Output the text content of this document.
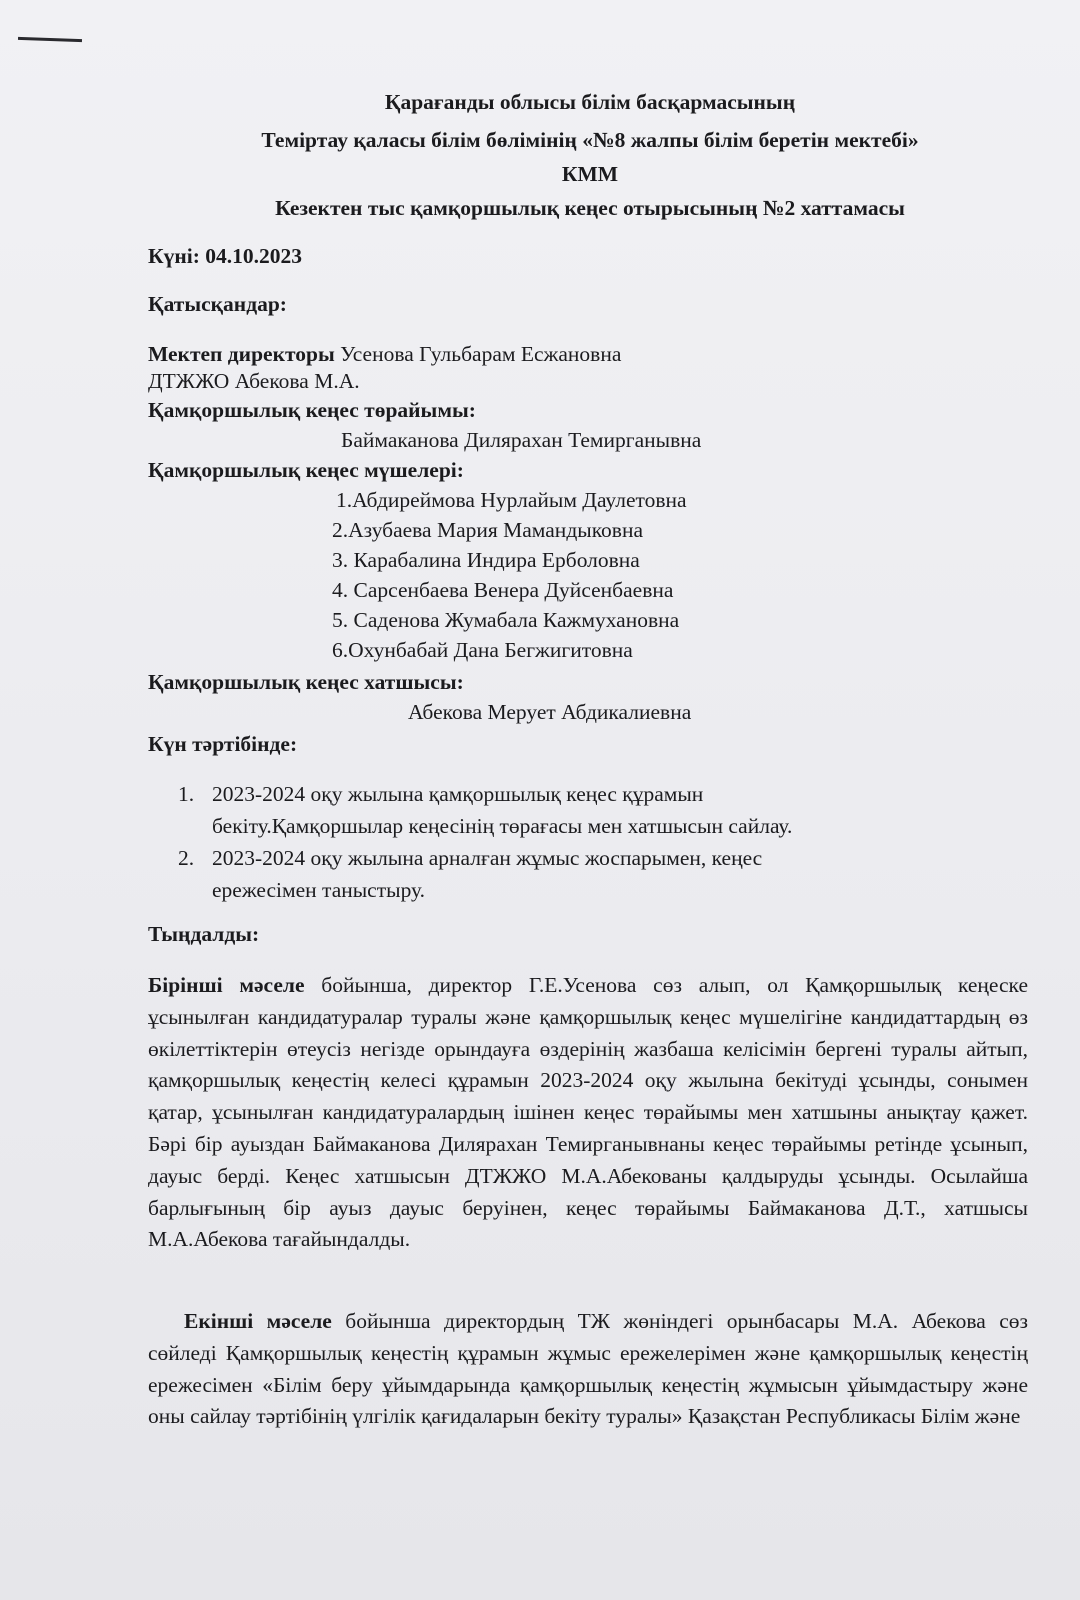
Қарағанды облысы білім басқармасының
Теміртау қаласы білім бөлімінің «№8 жалпы білім беретін мектебі»
КММ
Кезектен тыс қамқоршылық кеңес отырысының №2 хаттамасы
Күні: 04.10.2023
Қатысқандар:
Мектеп директоры Усенова Гульбарам Есжановна
ДТЖЖО Абекова М.А.
Қамқоршылық кеңес төрайымы:
Баймаканова Дилярахан Темирганывна
Қамқоршылық кеңес мүшелері:
1.Абдиреймова Нурлайым Даулетовна
2.Азубаева Мария Мамандыковна
3. Карабалина Индира Ерболовна
4. Сарсенбаева Венера Дуйсенбаевна
5. Саденова Жумабала Кажмухановна
6.Охунбабай Дана Бегжигитовна
Қамқоршылық кеңес хатшысы:
Абекова Мерует Абдикалиевна
Күн тәртібінде:
1. 2023-2024 оқу жылына қамқоршылық кеңес құрамын
бекіту.Қамқоршылар кеңесінің төрағасы мен хатшысын сайлау.
2. 2023-2024 оқу жылына арналған жұмыс жоспарымен, кеңес
ережесімен таныстыру.
Тыңдалды:

Бірінші мәселе бойынша, директор Г.Е.Усенова сөз алып, ол Қамқоршылық кеңеске ұсынылған кандидатуралар туралы және қамқоршылық кеңес мүшелігіне кандидаттардың өз өкілеттіктерін өтеусіз негізде орындауға өздерінің жазбаша келісімін бергені туралы айтып, қамқоршылық кеңестің келесі құрамын 2023-2024 оқу жылына бекітуді ұсынды, сонымен қатар, ұсынылған кандидатуралардың ішінен кеңес төрайымы мен хатшыны анықтау қажет. Бәрі бір ауыздан Баймаканова Дилярахан Темирганывнаны кеңес төрайымы ретінде ұсынып, дауыс берді. Кеңес хатшысын ДТЖЖО М.А.Абекованы қалдыруды ұсынды. Осылайша барлығының бір ауыз дауыс беруінен, кеңес төрайымы Баймаканова Д.Т., хатшысы М.А.Абекова тағайындалды.

Екінші мәселе бойынша директордың ТЖ жөніндегі орынбасары М.А. Абекова сөз сөйледі Қамқоршылық кеңестің құрамын жұмыс ережелерімен және қамқоршылық кеңестің ережесімен «Білім беру ұйымдарында қамқоршылық кеңестің жұмысын ұйымдастыру және оны сайлау тәртібінің үлгілік қағидаларын бекіту туралы» Қазақстан Республикасы Білім және
